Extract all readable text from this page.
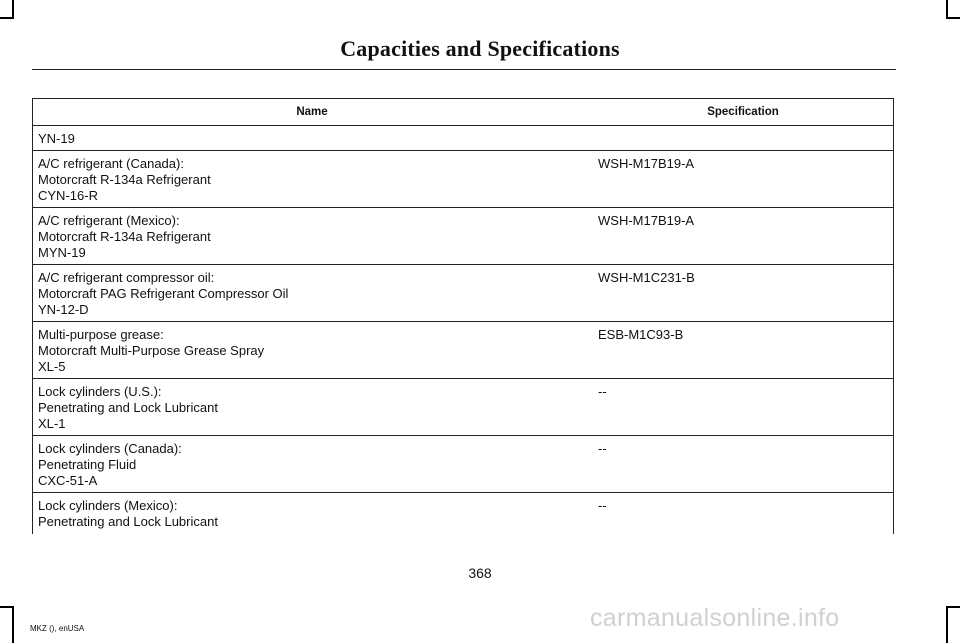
Capacities and Specifications
Name	Specification
YN-19	

A/C refrigerant (Canada):
Motorcraft R-134a Refrigerant
CYN-16-R	WSH-M17B19-A

A/C refrigerant (Mexico):
Motorcraft R-134a Refrigerant
MYN-19	WSH-M17B19-A

A/C refrigerant compressor oil:
Motorcraft PAG Refrigerant Compressor Oil
YN-12-D	WSH-M1C231-B

Multi-purpose grease:
Motorcraft Multi-Purpose Grease Spray
XL-5	ESB-M1C93-B

Lock cylinders (U.S.):
Penetrating and Lock Lubricant
XL-1	--

Lock cylinders (Canada):
Penetrating Fluid
CXC-51-A	--

Lock cylinders (Mexico):
Penetrating and Lock Lubricant	--
368
MKZ (), enUSA	carmanualsonline.info
